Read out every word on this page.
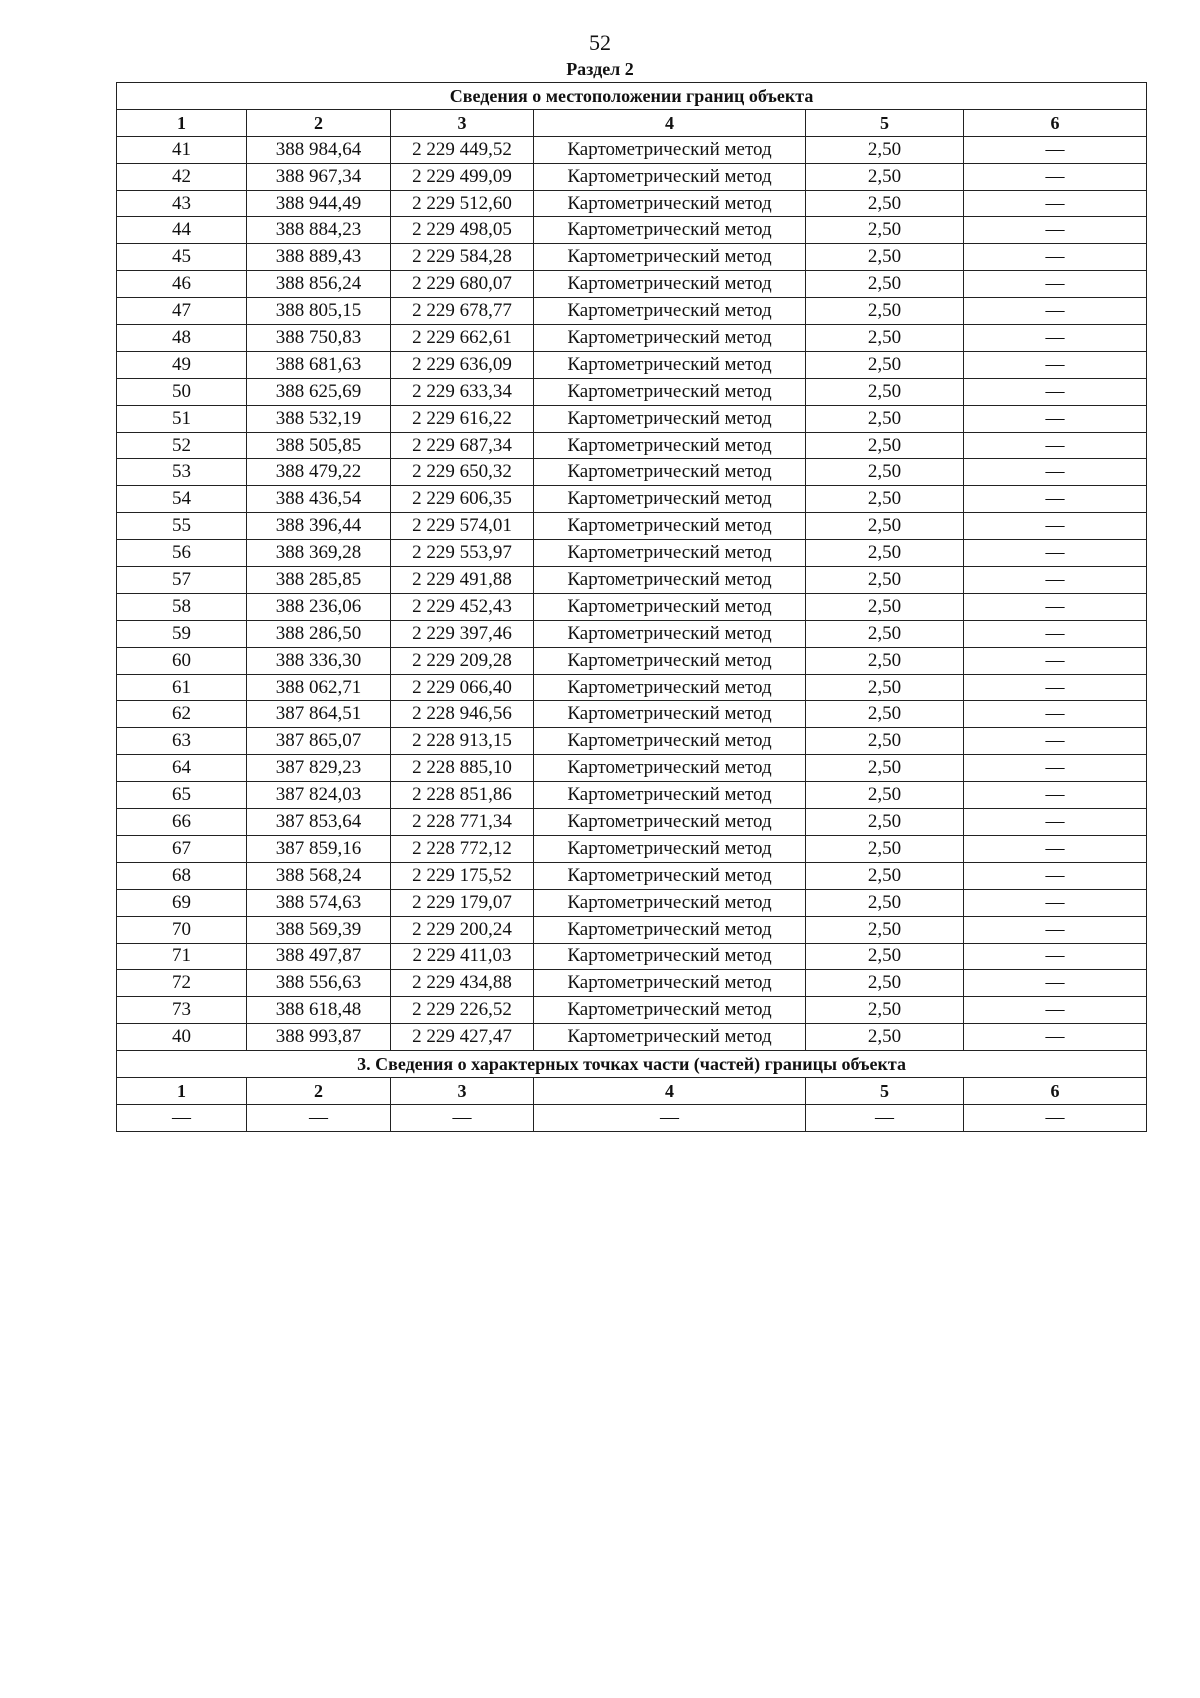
52
Раздел 2
Сведения о местоположении границ объекта					
1	2	3	4	5	6
41	388 984,64	2 229 449,52	Картометрический метод	2,50	—
42	388 967,34	2 229 499,09	Картометрический метод	2,50	—
43	388 944,49	2 229 512,60	Картометрический метод	2,50	—
44	388 884,23	2 229 498,05	Картометрический метод	2,50	—
45	388 889,43	2 229 584,28	Картометрический метод	2,50	—
46	388 856,24	2 229 680,07	Картометрический метод	2,50	—
47	388 805,15	2 229 678,77	Картометрический метод	2,50	—
48	388 750,83	2 229 662,61	Картометрический метод	2,50	—
49	388 681,63	2 229 636,09	Картометрический метод	2,50	—
50	388 625,69	2 229 633,34	Картометрический метод	2,50	—
51	388 532,19	2 229 616,22	Картометрический метод	2,50	—
52	388 505,85	2 229 687,34	Картометрический метод	2,50	—
53	388 479,22	2 229 650,32	Картометрический метод	2,50	—
54	388 436,54	2 229 606,35	Картометрический метод	2,50	—
55	388 396,44	2 229 574,01	Картометрический метод	2,50	—
56	388 369,28	2 229 553,97	Картометрический метод	2,50	—
57	388 285,85	2 229 491,88	Картометрический метод	2,50	—
58	388 236,06	2 229 452,43	Картометрический метод	2,50	—
59	388 286,50	2 229 397,46	Картометрический метод	2,50	—
60	388 336,30	2 229 209,28	Картометрический метод	2,50	—
61	388 062,71	2 229 066,40	Картометрический метод	2,50	—
62	387 864,51	2 228 946,56	Картометрический метод	2,50	—
63	387 865,07	2 228 913,15	Картометрический метод	2,50	—
64	387 829,23	2 228 885,10	Картометрический метод	2,50	—
65	387 824,03	2 228 851,86	Картометрический метод	2,50	—
66	387 853,64	2 228 771,34	Картометрический метод	2,50	—
67	387 859,16	2 228 772,12	Картометрический метод	2,50	—
68	388 568,24	2 229 175,52	Картометрический метод	2,50	—
69	388 574,63	2 229 179,07	Картометрический метод	2,50	—
70	388 569,39	2 229 200,24	Картометрический метод	2,50	—
71	388 497,87	2 229 411,03	Картометрический метод	2,50	—
72	388 556,63	2 229 434,88	Картометрический метод	2,50	—
73	388 618,48	2 229 226,52	Картометрический метод	2,50	—
40	388 993,87	2 229 427,47	Картометрический метод	2,50	—
3. Сведения о характерных точках части (частей) границы объекта					
1	2	3	4	5	6
—	—	—	—	—	—
